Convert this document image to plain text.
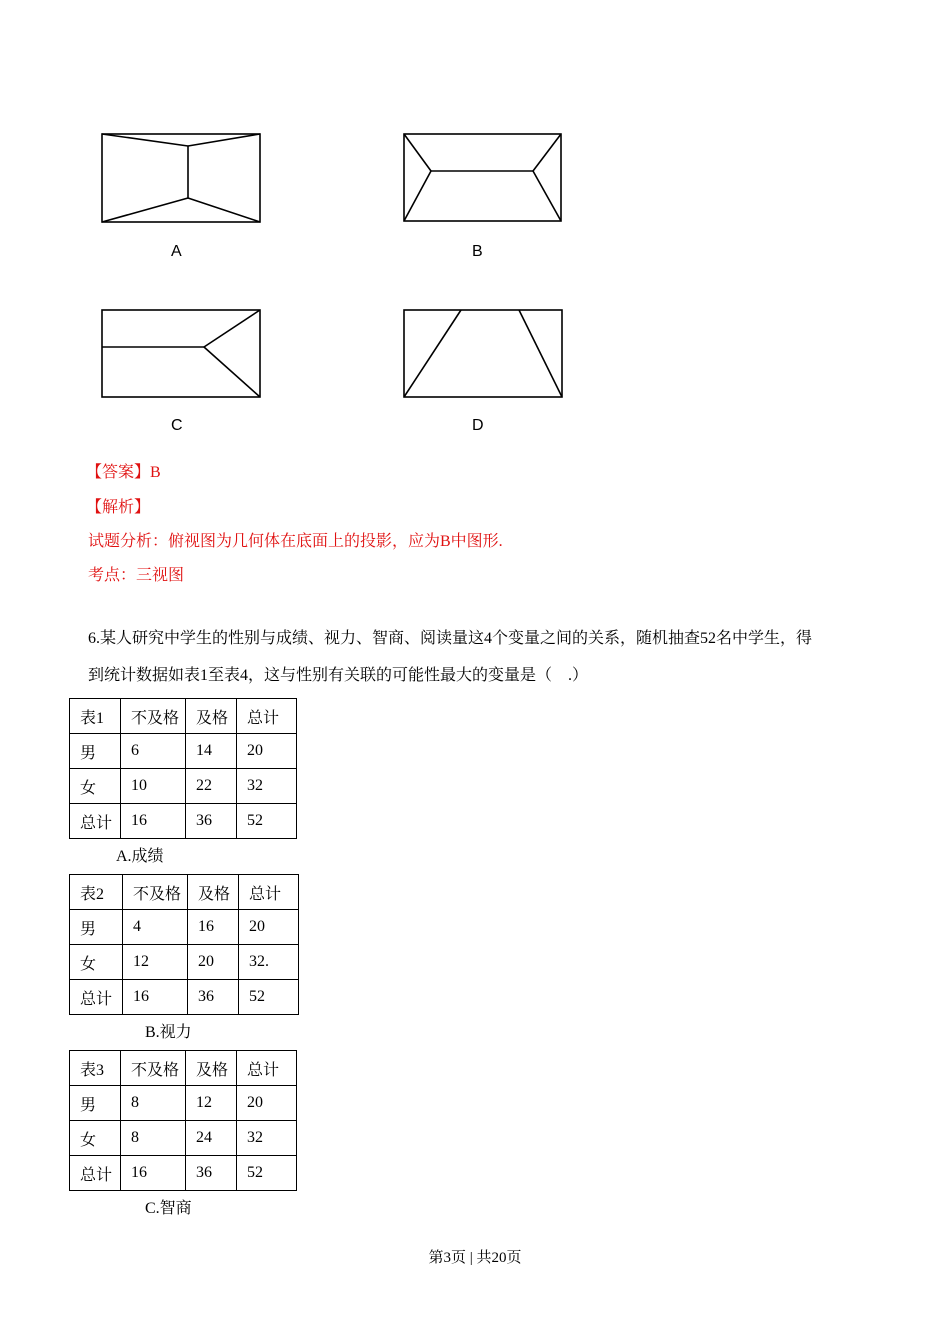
A	B
C	D
【答案】B
【解析】
试题分析：俯视图为几何体在底面上的投影，应为B中图形.
考点：三视图
6.某人研究中学生的性别与成绩、视力、智商、阅读量这4个变量之间的关系，随机抽查52名中学生，得
到统计数据如表1至表4，这与性别有关联的可能性最大的变量是（　.）
表1	不及格	及格	总计
男	6	14	20
女	10	22	32
总计	16	36	52
A.成绩
表2	不及格	及格	总计
男	4	16	20
女	12	20	32.
总计	16	36	52
B.视力
表3	不及格	及格	总计
男	8	12	20
女	8	24	32
总计	16	36	52
C.智商
第3页 | 共20页
